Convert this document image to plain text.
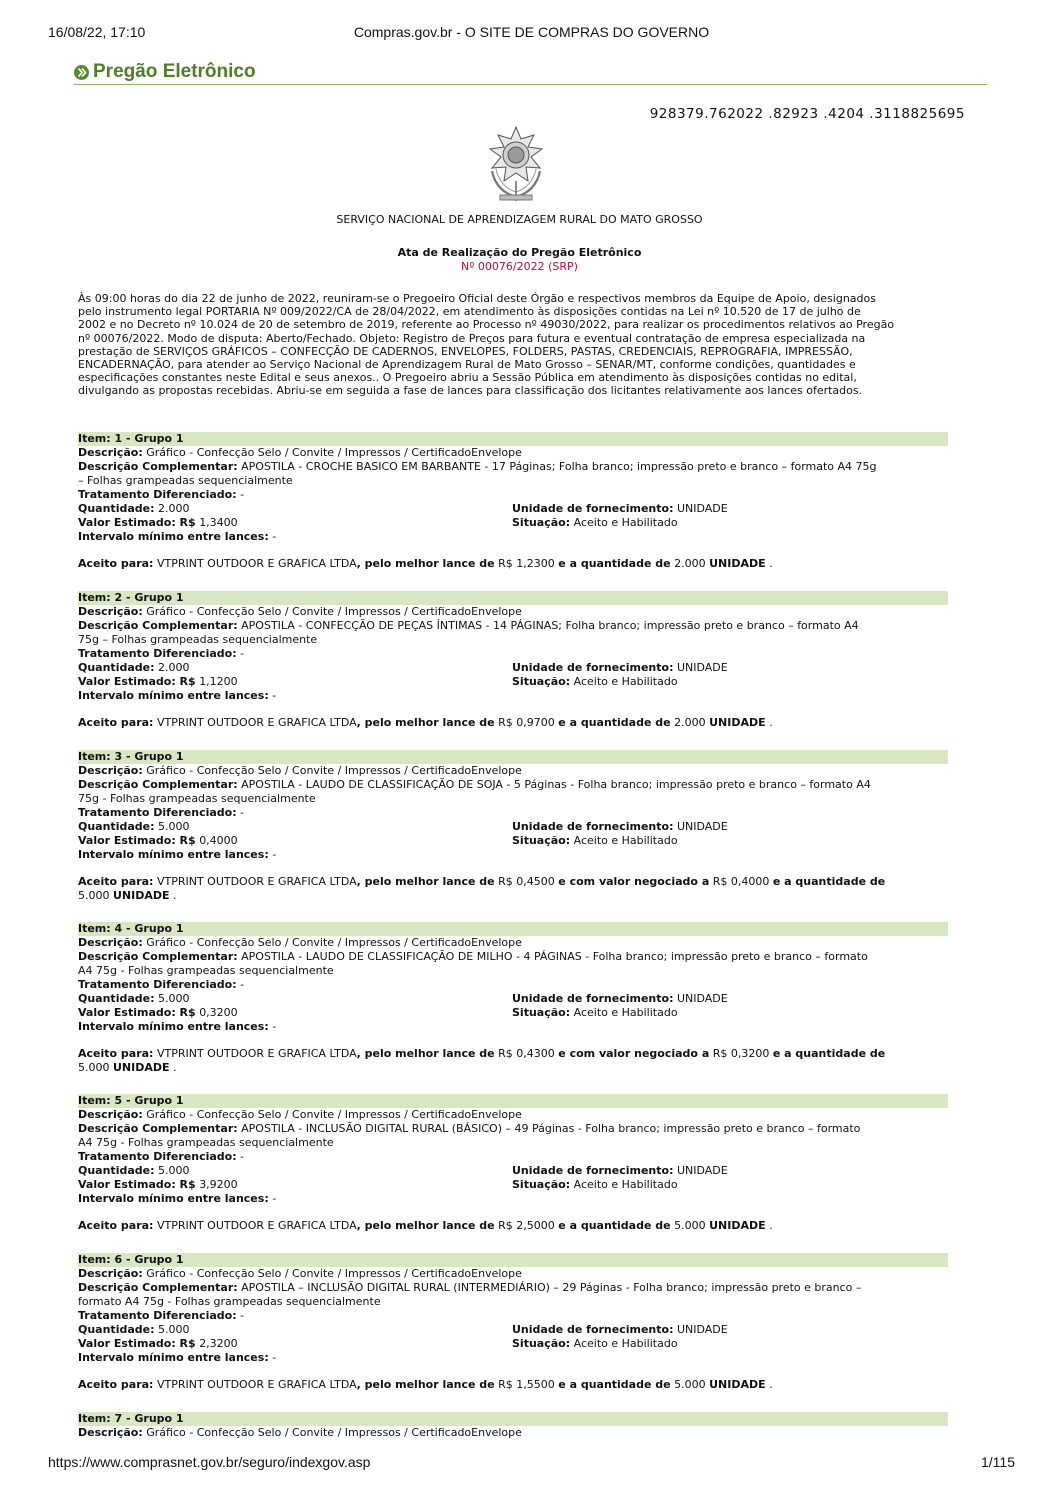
16/08/22, 17:10	Compras.gov.br - O SITE DE COMPRAS DO GOVERNO
Pregão Eletrônico
928379.762022 .82923 .4204 .3118825695
SERVIÇO NACIONAL DE APRENDIZAGEM RURAL DO MATO GROSSO
Ata de Realização do Pregão Eletrônico
Nº 00076/2022 (SRP)
Às 09:00 horas do dia 22 de junho de 2022, reuniram-se o Pregoeiro Oficial deste Órgão e respectivos membros da Equipe de Apoio, designados
pelo instrumento legal PORTARIA Nº 009/2022/CA de 28/04/2022, em atendimento às disposições contidas na Lei nº 10.520 de 17 de julho de
2002 e no Decreto nº 10.024 de 20 de setembro de 2019, referente ao Processo nº 49030/2022, para realizar os procedimentos relativos ao Pregão
nº 00076/2022. Modo de disputa: Aberto/Fechado. Objeto: Registro de Preços para futura e eventual contratação de empresa especializada na
prestação de SERVIÇOS GRÁFICOS – CONFECÇÃO DE CADERNOS, ENVELOPES, FOLDERS, PASTAS, CREDENCIAIS, REPROGRAFIA, IMPRESSÃO,
ENCADERNAÇÃO, para atender ao Serviço Nacional de Aprendizagem Rural de Mato Grosso – SENAR/MT, conforme condições, quantidades e
especificações constantes neste Edital e seus anexos.. O Pregoeiro abriu a Sessão Pública em atendimento às disposições contidas no edital,
divulgando as propostas recebidas. Abriu-se em seguida a fase de lances para classificação dos licitantes relativamente aos lances ofertados.
Item: 1 - Grupo 1
Descrição: Gráfico - Confecção Selo / Convite / Impressos / CertificadoEnvelope
Descrição Complementar: APOSTILA - CROCHE BASICO EM BARBANTE - 17 Páginas; Folha branco; impressão preto e branco – formato A4 75g
– Folhas grampeadas sequencialmente
Tratamento Diferenciado: -
Quantidade: 2.000	Unidade de fornecimento: UNIDADE
Valor Estimado: R$ 1,3400	Situação: Aceito e Habilitado
Intervalo mínimo entre lances: -
Aceito para: VTPRINT OUTDOOR E GRAFICA LTDA, pelo melhor lance de R$ 1,2300 e a quantidade de 2.000 UNIDADE .
Item: 2 - Grupo 1
Descrição: Gráfico - Confecção Selo / Convite / Impressos / CertificadoEnvelope
Descrição Complementar: APOSTILA - CONFECÇÃO DE PEÇAS ÍNTIMAS - 14 PÁGINAS; Folha branco; impressão preto e branco – formato A4
75g – Folhas grampeadas sequencialmente
Tratamento Diferenciado: -
Quantidade: 2.000	Unidade de fornecimento: UNIDADE
Valor Estimado: R$ 1,1200	Situação: Aceito e Habilitado
Intervalo mínimo entre lances: -
Aceito para: VTPRINT OUTDOOR E GRAFICA LTDA, pelo melhor lance de R$ 0,9700 e a quantidade de 2.000 UNIDADE .
Item: 3 - Grupo 1
Descrição: Gráfico - Confecção Selo / Convite / Impressos / CertificadoEnvelope
Descrição Complementar: APOSTILA - LAUDO DE CLASSIFICAÇÃO DE SOJA - 5 Páginas - Folha branco; impressão preto e branco – formato A4
75g - Folhas grampeadas sequencialmente
Tratamento Diferenciado: -
Quantidade: 5.000	Unidade de fornecimento: UNIDADE
Valor Estimado: R$ 0,4000	Situação: Aceito e Habilitado
Intervalo mínimo entre lances: -
Aceito para: VTPRINT OUTDOOR E GRAFICA LTDA, pelo melhor lance de R$ 0,4500 e com valor negociado a R$ 0,4000 e a quantidade de
5.000 UNIDADE .
Item: 4 - Grupo 1
Descrição: Gráfico - Confecção Selo / Convite / Impressos / CertificadoEnvelope
Descrição Complementar: APOSTILA - LAUDO DE CLASSIFICAÇÃO DE MILHO - 4 PÁGINAS - Folha branco; impressão preto e branco – formato
A4 75g - Folhas grampeadas sequencialmente
Tratamento Diferenciado: -
Quantidade: 5.000	Unidade de fornecimento: UNIDADE
Valor Estimado: R$ 0,3200	Situação: Aceito e Habilitado
Intervalo mínimo entre lances: -
Aceito para: VTPRINT OUTDOOR E GRAFICA LTDA, pelo melhor lance de R$ 0,4300 e com valor negociado a R$ 0,3200 e a quantidade de
5.000 UNIDADE .
Item: 5 - Grupo 1
Descrição: Gráfico - Confecção Selo / Convite / Impressos / CertificadoEnvelope
Descrição Complementar: APOSTILA - INCLUSÃO DIGITAL RURAL (BÁSICO) – 49 Páginas - Folha branco; impressão preto e branco – formato
A4 75g - Folhas grampeadas sequencialmente
Tratamento Diferenciado: -
Quantidade: 5.000	Unidade de fornecimento: UNIDADE
Valor Estimado: R$ 3,9200	Situação: Aceito e Habilitado
Intervalo mínimo entre lances: -
Aceito para: VTPRINT OUTDOOR E GRAFICA LTDA, pelo melhor lance de R$ 2,5000 e a quantidade de 5.000 UNIDADE .
Item: 6 - Grupo 1
Descrição: Gráfico - Confecção Selo / Convite / Impressos / CertificadoEnvelope
Descrição Complementar: APOSTILA – INCLUSÃO DIGITAL RURAL (INTERMEDIÁRIO) – 29 Páginas - Folha branco; impressão preto e branco –
formato A4 75g - Folhas grampeadas sequencialmente
Tratamento Diferenciado: -
Quantidade: 5.000	Unidade de fornecimento: UNIDADE
Valor Estimado: R$ 2,3200	Situação: Aceito e Habilitado
Intervalo mínimo entre lances: -
Aceito para: VTPRINT OUTDOOR E GRAFICA LTDA, pelo melhor lance de R$ 1,5500 e a quantidade de 5.000 UNIDADE .
Item: 7 - Grupo 1
Descrição: Gráfico - Confecção Selo / Convite / Impressos / CertificadoEnvelope
https://www.comprasnet.gov.br/seguro/indexgov.asp	1/115
